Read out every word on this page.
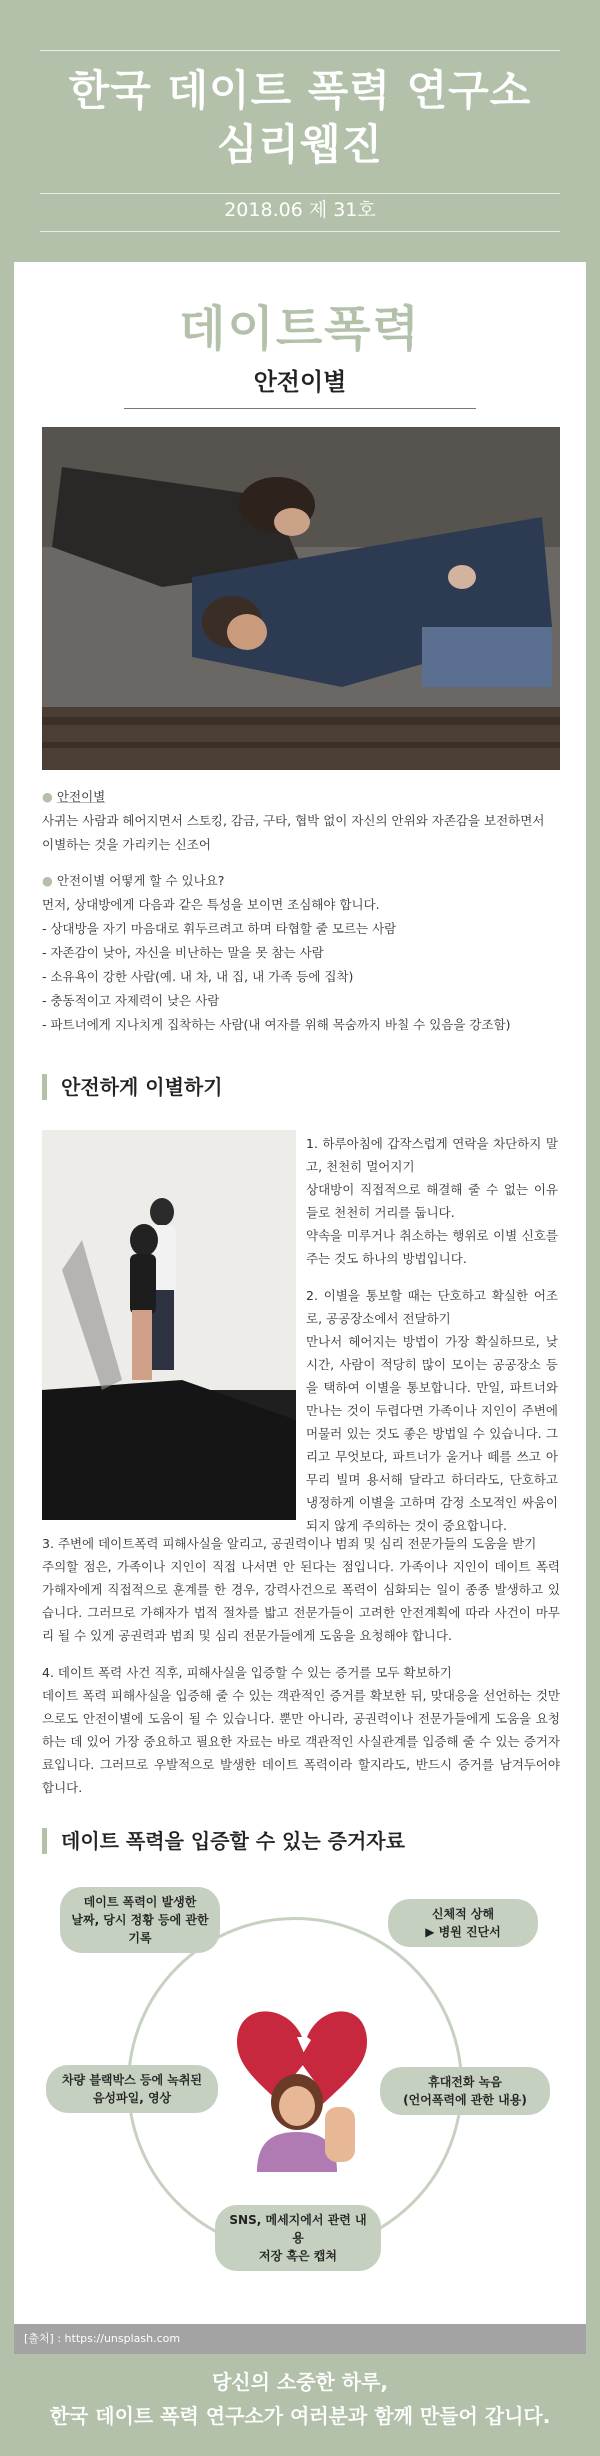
한국 데이트 폭력 연구소
심리웹진
2018.06 제 31호
데이트폭력
안전이별
● 안전이별
사귀는 사람과 헤어지면서 스토킹, 감금, 구타, 협박 없이 자신의 안위와 자존감을 보전하면서 이별하는 것을 가리키는 신조어
● 안전이별 어떻게 할 수 있나요?
먼저, 상대방에게 다음과 같은 특성을 보이면 조심해야 합니다.
- 상대방을 자기 마음대로 휘두르려고 하며 타협할 줄 모르는 사람
- 자존감이 낮아, 자신을 비난하는 말을 못 참는 사람
- 소유욕이 강한 사람(예. 내 차, 내 집, 내 가족 등에 집착)
- 충동적이고 자제력이 낮은 사람
- 파트너에게 지나치게 집착하는 사람(내 여자를 위해 목숨까지 바칠 수 있음을 강조함)
안전하게 이별하기
1. 하루아침에 갑작스럽게 연락을 차단하지 말고, 천천히 멀어지기
상대방이 직접적으로 해결해 줄 수 없는 이유들로 천천히 거리를 둡니다.
약속을 미루거나 취소하는 행위로 이별 신호를 주는 것도 하나의 방법입니다.
2. 이별을 통보할 때는 단호하고 확실한 어조로, 공공장소에서 전달하기
만나서 헤어지는 방법이 가장 확실하므로, 낮 시간, 사람이 적당히 많이 모이는 공공장소 등을 택하여 이별을 통보합니다. 만일, 파트너와 만나는 것이 두렵다면 가족이나 지인이 주변에 머물러 있는 것도 좋은 방법일 수 있습니다. 그리고 무엇보다, 파트너가 울거나 떼를 쓰고 아무리 빌며 용서해 달라고 하더라도, 단호하고 냉정하게 이별을 고하며 감정 소모적인 싸움이 되지 않게 주의하는 것이 중요합니다.
3. 주변에 데이트폭력 피해사실을 알리고, 공권력이나 범죄 및 심리 전문가들의 도움을 받기
주의할 점은, 가족이나 지인이 직접 나서면 안 된다는 점입니다. 가족이나 지인이 데이트 폭력 가해자에게 직접적으로 훈계를 한 경우, 강력사건으로 폭력이 심화되는 일이 종종 발생하고 있습니다. 그러므로 가해자가 법적 절차를 밟고 전문가들이 고려한 안전계획에 따라 사건이 마무리 될 수 있게 공권력과 범죄 및 심리 전문가들에게 도움을 요청해야 합니다.
4. 데이트 폭력 사건 직후, 피해사실을 입증할 수 있는 증거를 모두 확보하기
데이트 폭력 피해사실을 입증해 줄 수 있는 객관적인 증거를 확보한 뒤, 맞대응을 선언하는 것만으로도 안전이별에 도움이 될 수 있습니다. 뿐만 아니라, 공권력이나 전문가들에게 도움을 요청하는 데 있어 가장 중요하고 필요한 자료는 바로 객관적인 사실관계를 입증해 줄 수 있는 증거자료입니다. 그러므로 우발적으로 발생한 데이트 폭력이라 할지라도, 반드시 증거를 남겨두어야 합니다.
데이트 폭력을 입증할 수 있는 증거자료
데이트 폭력이 발생한
날짜, 당시 정황 등에 관한
기록
신체적 상해
▶ 병원 진단서
차량 블랙박스 등에 녹취된
음성파일, 영상
휴대전화 녹음
(언어폭력에 관한 내용)
SNS, 메세지에서 관련 내용
저장 혹은 캡쳐
[출처] : https://unsplash.com
당신의 소중한 하루,
한국 데이트 폭력 연구소가 여러분과 함께 만들어 갑니다.
